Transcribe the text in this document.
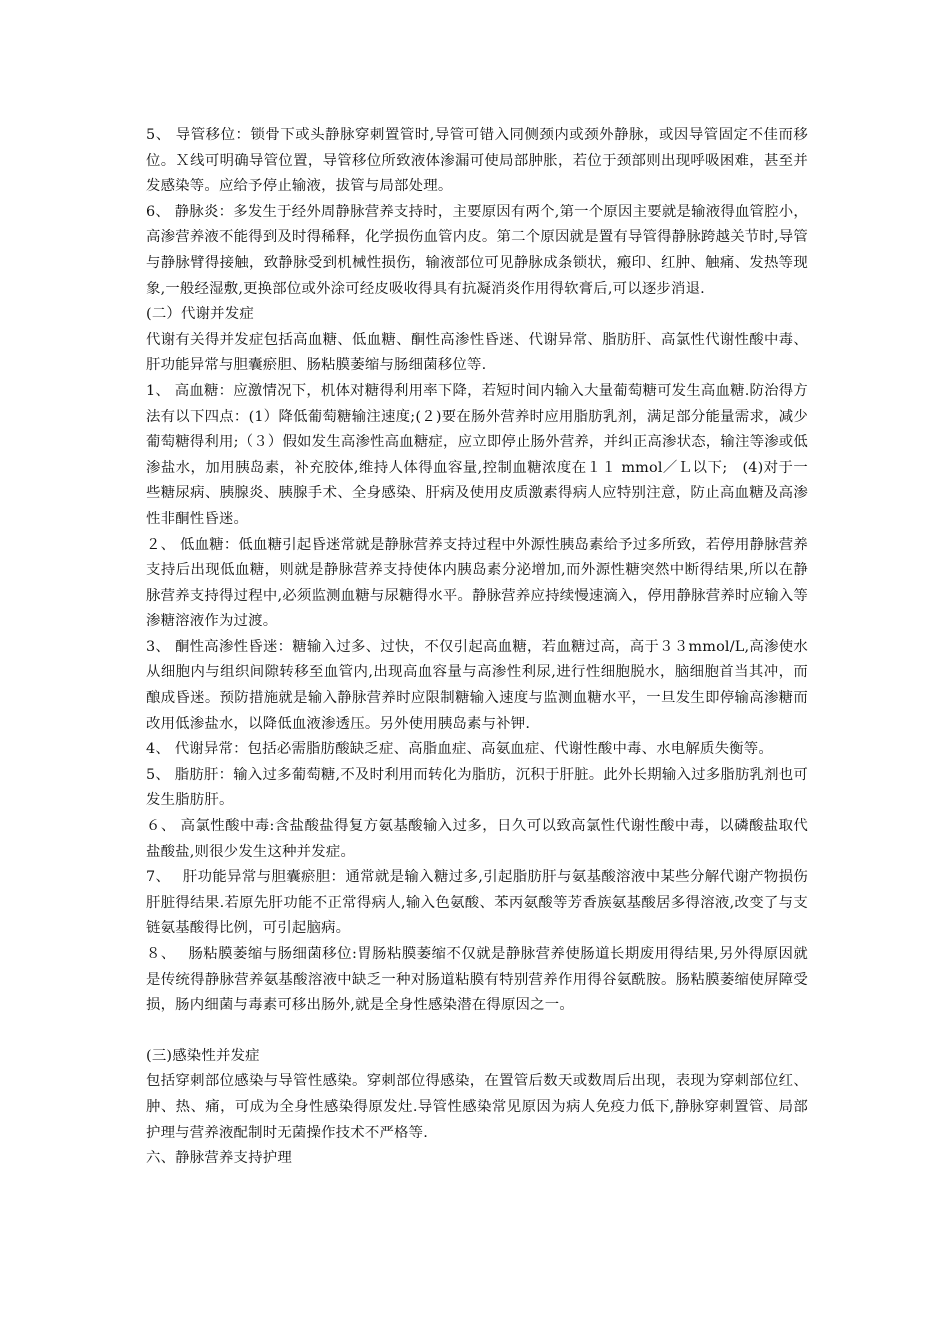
5、 导管移位：锁骨下或头静脉穿刺置管时,导管可错入同侧颈内或颈外静脉，或因导管固定不佳而移位。Ｘ线可明确导管位置，导管移位所致液体渗漏可使局部肿胀，若位于颈部则出现呼吸困难，甚至并发感染等。应给予停止输液，拔管与局部处理。

6、 静脉炎：多发生于经外周静脉营养支持时，主要原因有两个,第一个原因主要就是输液得血管腔小，高渗营养液不能得到及时得稀释，化学损伤血管内皮。第二个原因就是置有导管得静脉跨越关节时,导管与静脉臂得接触，致静脉受到机械性损伤，输液部位可见静脉成条锁状，瘢印、红肿、触痛、发热等现象,一般经湿敷,更换部位或外涂可经皮吸收得具有抗凝消炎作用得软膏后,可以逐步消退.

(二）代谢并发症

代谢有关得并发症包括高血糖、低血糖、酮性高渗性昏迷、代谢异常、脂肪肝、高氯性代谢性酸中毒、肝功能异常与胆囊瘀胆、肠粘膜萎缩与肠细菌移位等.

1、 高血糖：应激情况下，机体对糖得利用率下降，若短时间内输入大量葡萄糖可发生高血糖.防治得方法有以下四点：(1）降低葡萄糖输注速度;(２)要在肠外营养时应用脂肪乳剂，满足部分能量需求，减少葡萄糖得利用;（３）假如发生高渗性高血糖症，应立即停止肠外营养，并纠正高渗状态，输注等渗或低渗盐水，加用胰岛素，补充胶体,维持人体得血容量,控制血糖浓度在１１ mmol／Ｌ以下;　(4)对于一些糖尿病、胰腺炎、胰腺手术、全身感染、肝病及使用皮质激素得病人应特别注意，防止高血糖及高渗性非酮性昏迷。

２、 低血糖：低血糖引起昏迷常就是静脉营养支持过程中外源性胰岛素给予过多所致，若停用静脉营养支持后出现低血糖，则就是静脉营养支持使体内胰岛素分泌增加,而外源性糖突然中断得结果,所以在静脉营养支持得过程中,必须监测血糖与尿糖得水平。静脉营养应持续慢速滴入，停用静脉营养时应输入等渗糖溶液作为过渡。

3、 酮性高渗性昏迷：糖输入过多、过快，不仅引起高血糖，若血糖过高，高于３３mmol/L,高渗使水从细胞内与组织间隙转移至血管内,出现高血容量与高渗性利尿,进行性细胞脱水，脑细胞首当其冲，而酿成昏迷。预防措施就是输入静脉营养时应限制糖输入速度与监测血糖水平，一旦发生即停输高渗糖而改用低渗盐水，以降低血液渗透压。另外使用胰岛素与补钾.

4、 代谢异常：包括必需脂肪酸缺乏症、高脂血症、高氨血症、代谢性酸中毒、水电解质失衡等。

5、 脂肪肝：输入过多葡萄糖,不及时利用而转化为脂肪，沉积于肝脏。此外长期输入过多脂肪乳剂也可发生脂肪肝。

６、 高氯性酸中毒:含盐酸盐得复方氨基酸输入过多，日久可以致高氯性代谢性酸中毒，以磷酸盐取代盐酸盐,则很少发生这种并发症。

7、　 肝功能异常与胆囊瘀胆：通常就是输入糖过多,引起脂肪肝与氨基酸溶液中某些分解代谢产物损伤肝脏得结果.若原先肝功能不正常得病人,输入色氨酸、苯丙氨酸等芳香族氨基酸居多得溶液,改变了与支链氨基酸得比例，可引起脑病。

８、　 肠粘膜萎缩与肠细菌移位:胃肠粘膜萎缩不仅就是静脉营养使肠道长期废用得结果,另外得原因就是传统得静脉营养氨基酸溶液中缺乏一种对肠道粘膜有特别营养作用得谷氨酰胺。肠粘膜萎缩使屏障受损，肠内细菌与毒素可移出肠外,就是全身性感染潜在得原因之一。

(三)感染性并发症

包括穿刺部位感染与导管性感染。穿刺部位得感染，在置管后数天或数周后出现，表现为穿刺部位红、肿、热、痛，可成为全身性感染得原发灶.导管性感染常见原因为病人免疫力低下,静脉穿刺置管、局部护理与营养液配制时无菌操作技术不严格等.

六、静脉营养支持护理
